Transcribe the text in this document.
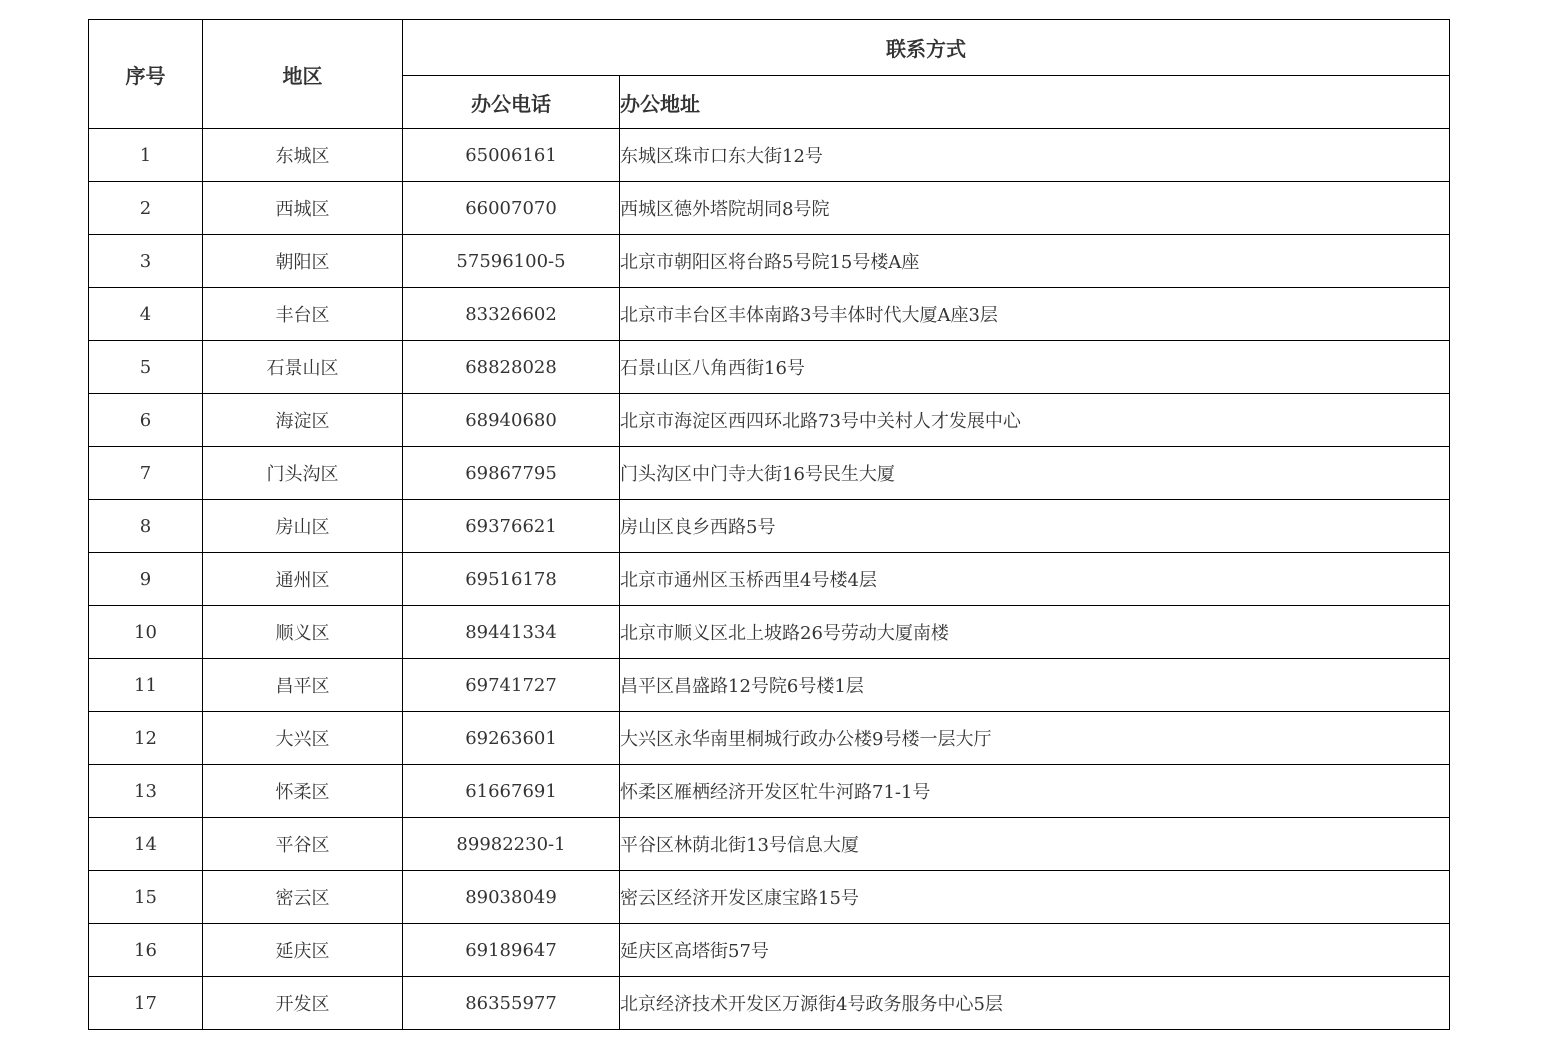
序号	地区	联系方式	
		办公电话	办公地址
1	东城区	65006161	东城区珠市口东大街12号
2	西城区	66007070	西城区德外塔院胡同8号院
3	朝阳区	57596100-5	北京市朝阳区将台路5号院15号楼A座
4	丰台区	83326602	北京市丰台区丰体南路3号丰体时代大厦A座3层
5	石景山区	68828028	石景山区八角西街16号
6	海淀区	68940680	北京市海淀区西四环北路73号中关村人才发展中心
7	门头沟区	69867795	门头沟区中门寺大街16号民生大厦
8	房山区	69376621	房山区良乡西路5号
9	通州区	69516178	北京市通州区玉桥西里4号楼4层
10	顺义区	89441334	北京市顺义区北上坡路26号劳动大厦南楼
11	昌平区	69741727	昌平区昌盛路12号院6号楼1层
12	大兴区	69263601	大兴区永华南里桐城行政办公楼9号楼一层大厅
13	怀柔区	61667691	怀柔区雁栖经济开发区牤牛河路71-1号
14	平谷区	89982230-1	平谷区林荫北街13号信息大厦
15	密云区	89038049	密云区经济开发区康宝路15号
16	延庆区	69189647	延庆区高塔街57号
17	开发区	86355977	北京经济技术开发区万源街4号政务服务中心5层
